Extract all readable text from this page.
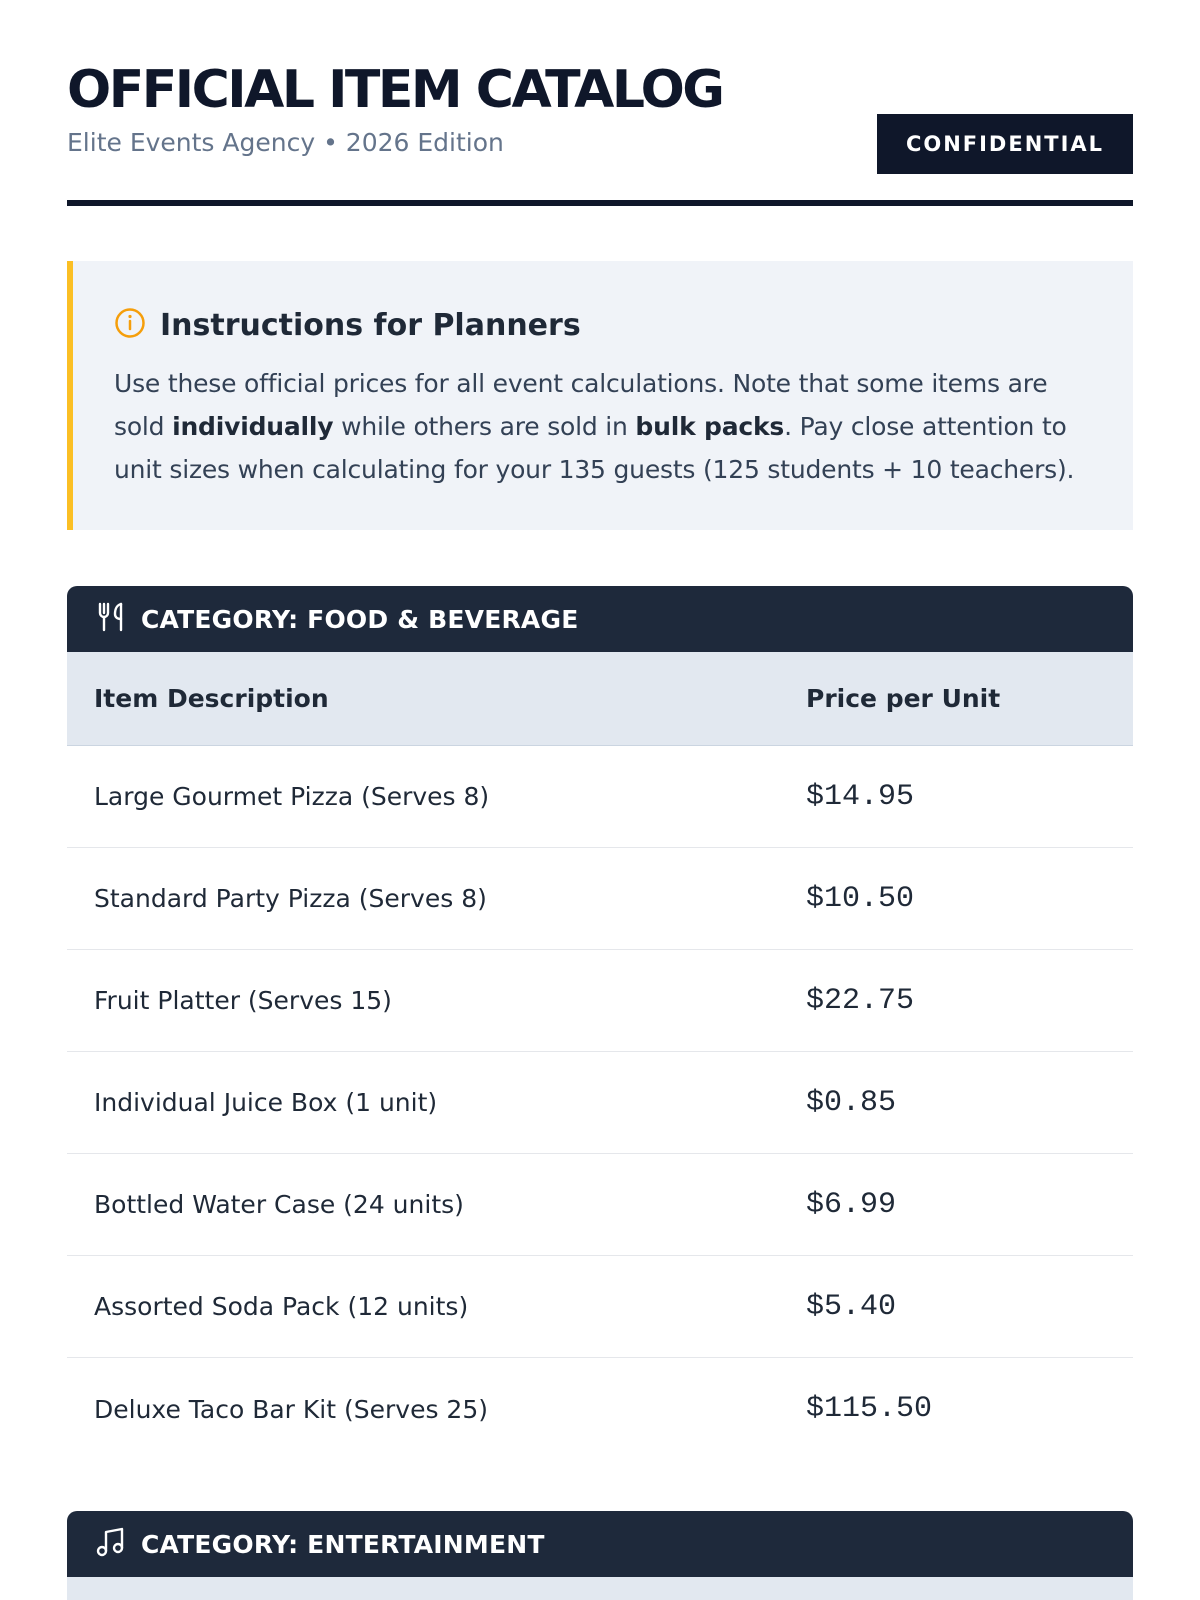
OFFICIAL ITEM CATALOG
Elite Events Agency • 2026 Edition	CONFIDENTIAL
Instructions for Planners

Use these official prices for all event calculations. Note that some items are sold individually while others are sold in bulk packs. Pay close attention to unit sizes when calculating for your 135 guests (125 students + 10 teachers).

CATEGORY: FOOD & BEVERAGE
Item Description	Price per Unit
Large Gourmet Pizza (Serves 8)	$14.95
Standard Party Pizza (Serves 8)	$10.50
Fruit Platter (Serves 15)	$22.75
Individual Juice Box (1 unit)	$0.85
Bottled Water Case (24 units)	$6.99
Assorted Soda Pack (12 units)	$5.40
Deluxe Taco Bar Kit (Serves 25)	$115.50
CATEGORY: ENTERTAINMENT
